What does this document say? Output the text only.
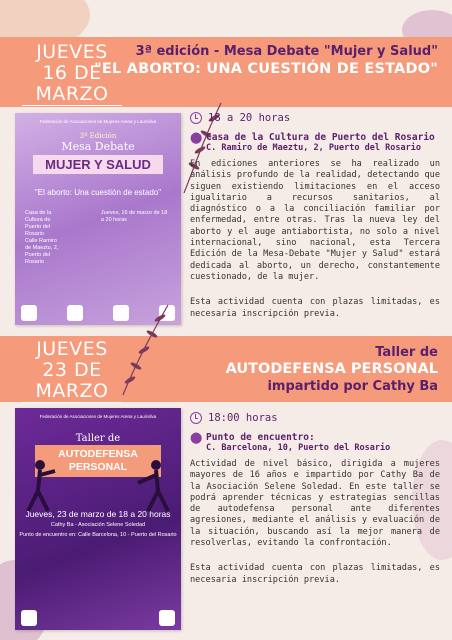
JUEVES
16 DE
MARZO
3ª edición - Mesa Debate "Mujer y Salud"
"EL ABORTO: UNA CUESTIÓN DE ESTADO"
Federación de Asociaciones de Mujeres Arena y Laurisilva
3ª Edición
Mesa Debate
MUJER Y SALUD
"El aborto: Una cuestión de estado"
Casa de la Cultura de Puerto del Rosario
Calle Ramiro de Maeztu, 2, Puerto del Rosario
Jueves, 16 de marzo de 18 a 20 horas
18 a 20 horas
⬤ Casa de la Cultura de Puerto del Rosario
C. Ramiro de Maeztu, 2, Puerto del Rosario
En ediciones anteriores se ha realizado un análisis profundo de la realidad, detectando que siguen existiendo limitaciones en el acceso igualitario a recursos sanitarios, al diagnóstico o a la conciliación familiar por enfermedad, entre otras. Tras la nueva ley del aborto y el auge antiabortista, no solo a nivel internacional, sino nacional, esta Tercera Edición de la Mesa-Debate "Mujer y Salud" estará dedicada al aborto, un derecho, constantemente cuestionado, de la mujer.
Esta actividad cuenta con plazas limitadas, es necesaria inscripción previa.
JUEVES
23 DE
MARZO
Taller de
AUTODEFENSA PERSONAL
impartido por Cathy Ba
Federación de Asociaciones de Mujeres Arena y Laurisilva
Taller de
AUTODEFENSA PERSONAL
Jueves, 23 de marzo de 18 a 20 horas
Cathy Ba - Asociación Selene Soledad
Punto de encuentro en: Calle Barcelona, 10 - Puerto del Rosario
18:00 horas
⬤ Punto de encuentro:
C. Barcelona, 10, Puerto del Rosario
Actividad de nivel básico, dirigida a mujeres mayores de 16 años e impartido por Cathy Ba de la Asociación Selene Soledad. En este taller se podrá aprender técnicas y estrategias sencillas de autodefensa personal ante diferentes agresiones, mediante el análisis y evaluación de la situación, buscando así la mejor manera de resolverlas, evitando la confrontación.
Esta actividad cuenta con plazas limitadas, es necesaria inscripción previa.
